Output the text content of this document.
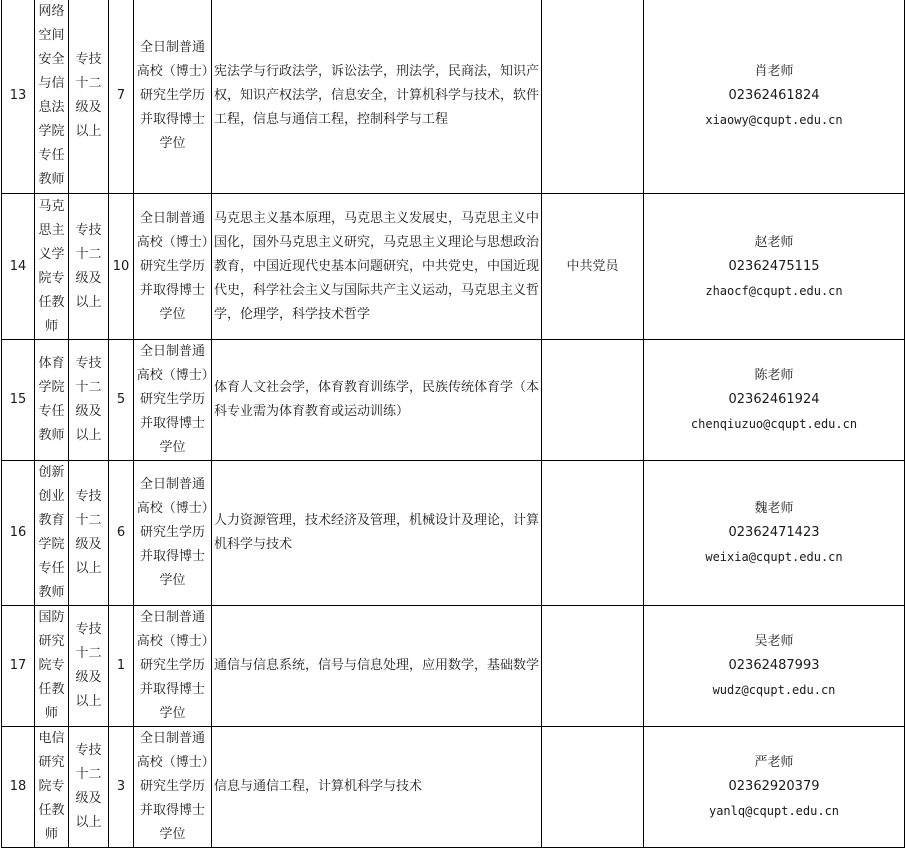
13	网络空间安全与信息法学院专任教师	专技十二级及以上	7	全日制普通高校（博士）研究生学历并取得博士学位	宪法学与行政法学，诉讼法学，刑法学，民商法，知识产权，知识产权法学，信息安全，计算机科学与技术，软件工程，信息与通信工程，控制科学与工程		肖老师
02362461824
xiaowy@cqupt.edu.cn

14	马克思主义学院专任教师	专技十二级及以上	10	全日制普通高校（博士）研究生学历并取得博士学位	马克思主义基本原理，马克思主义发展史，马克思主义中国化，国外马克思主义研究，马克思主义理论与思想政治教育，中国近现代史基本问题研究，中共党史，中国近现代史，科学社会主义与国际共产主义运动，马克思主义哲学，伦理学，科学技术哲学	中共党员	赵老师
02362475115
zhaocf@cqupt.edu.cn

15	体育学院专任教师	专技十二级及以上	5	全日制普通高校（博士）研究生学历并取得博士学位	体育人文社会学，体育教育训练学，民族传统体育学（本科专业需为体育教育或运动训练）		陈老师
02362461924
chenqiuzuo@cqupt.edu.cn

16	创新创业教育学院专任教师	专技十二级及以上	6	全日制普通高校（博士）研究生学历并取得博士学位	人力资源管理，技术经济及管理，机械设计及理论，计算机科学与技术		魏老师
02362471423
weixia@cqupt.edu.cn

17	国防研究院专任教师	专技十二级及以上	1	全日制普通高校（博士）研究生学历并取得博士学位	通信与信息系统，信号与信息处理，应用数学，基础数学		吴老师
02362487993
wudz@cqupt.edu.cn

18	电信研究院专任教师	专技十二级及以上	3	全日制普通高校（博士）研究生学历并取得博士学位	信息与通信工程，计算机科学与技术		严老师
02362920379
yanlq@cqupt.edu.cn
